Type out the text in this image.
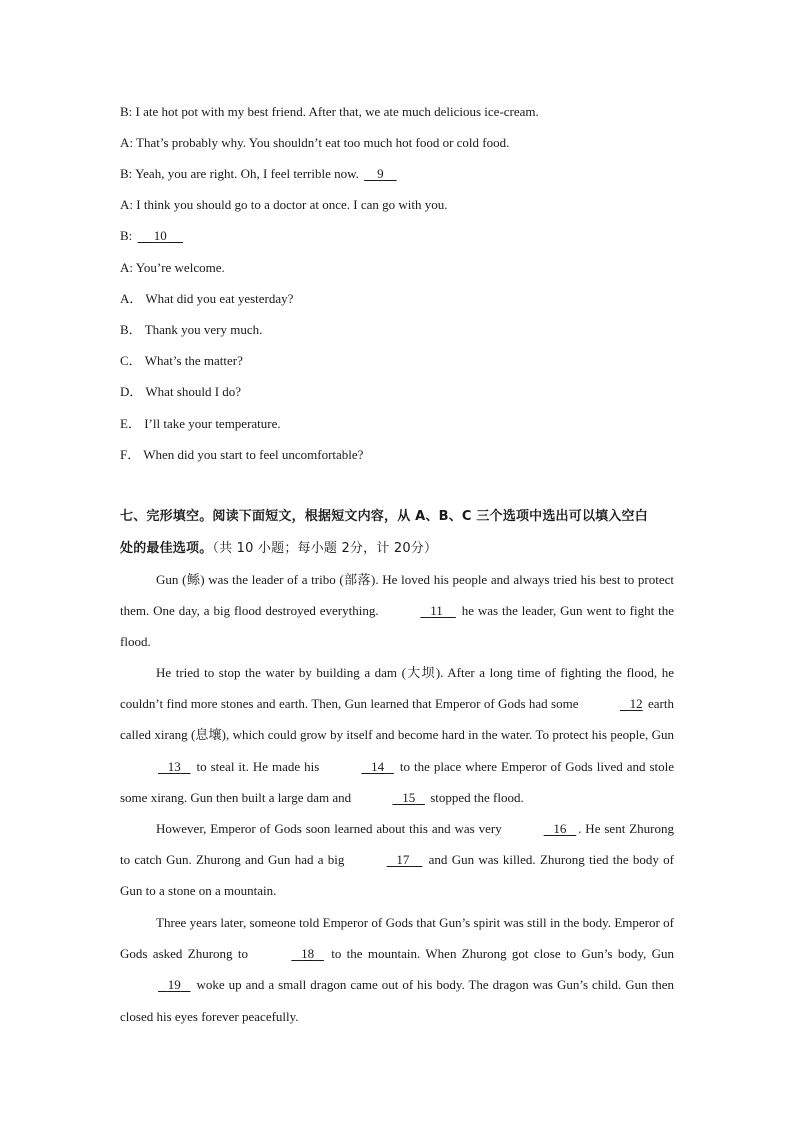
B: I ate hot pot with my best friend. After that, we ate much delicious ice-cream.
A: That’s probably why. You shouldn’t eat too much hot food or cold food.
B: Yeah, you are right. Oh, I feel terrible now. 9
A: I think you should go to a doctor at once. I can go with you.
B: 10
A: You’re welcome.
A． What did you eat yesterday?
B． Thank you very much.
C． What’s the matter?
D． What should I do?
E． I’ll take your temperature.
F． When did you start to feel uncomfortable?
七、完形填空。阅读下面短文，根据短文内容，从 A、B、C 三个选项中选出可以填入空白
处的最佳选项。（共 10 小题；每小题 2分，计 20分）
Gun (鲧) was the leader of a tribo (部落). He loved his people and always tried his best to protect them. One day, a big flood destroyed everything.	11 he was the leader, Gun went to fight the flood.
He tried to stop the water by building a dam (大坝). After a long time of fighting the flood, he couldn’t find more stones and earth. Then, Gun learned that Emperor of Gods had some	12 earth called xirang (息壤), which could grow by itself and become hard in the water. To protect his people, Gun    13 to steal it. He made his	14 to the place where Emperor of Gods lived and stole some xirang. Gun then built a large dam and	15 stopped the flood.
However, Emperor of Gods soon learned about this and was very	16 . He sent Zhurong to catch Gun. Zhurong and Gun had a big	17 and Gun was killed. Zhurong tied the body of Gun to a stone on a mountain.
Three years later, someone told Emperor of Gods that Gun’s spirit was still in the body. Emperor of Gods asked Zhurong to	18 to the mountain. When Zhurong got close to Gun’s body, Gun    19 woke up and a small dragon came out of his body. The dragon was Gun’s child. Gun then closed his eyes forever peacefully.
